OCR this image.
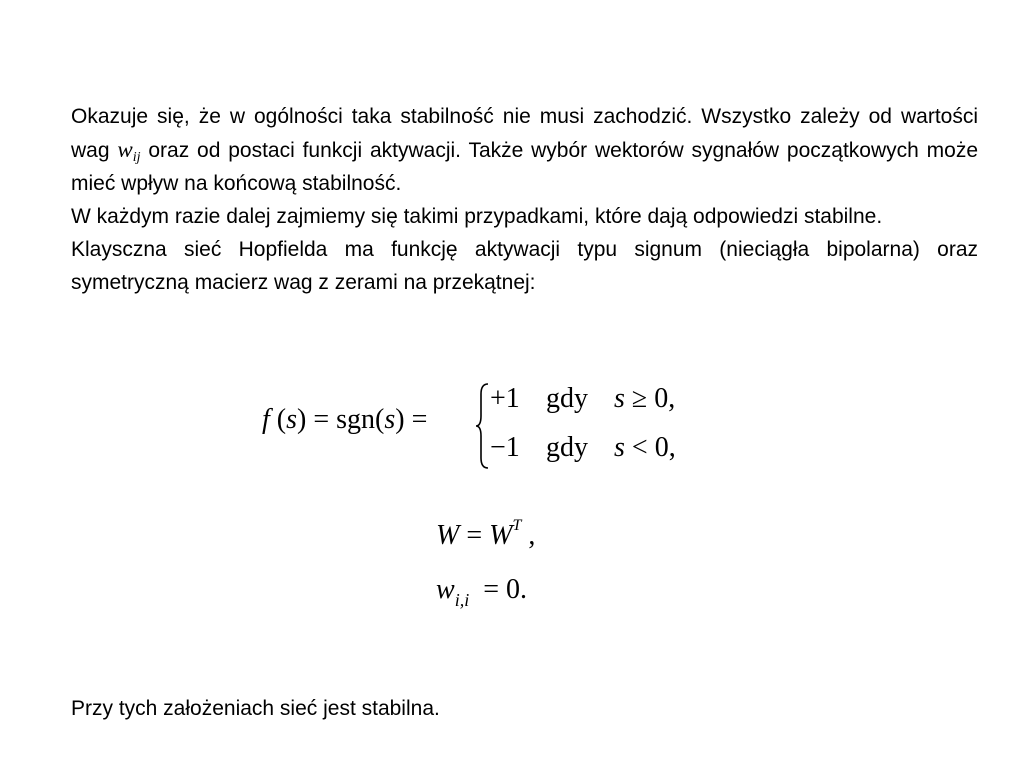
Okazuje się, że w ogólności taka stabilność nie musi zachodzić. Wszystko zależy od wartości wag $w_{ij}$ oraz od postaci funkcji aktywacji. Także wybór wektorów sygnałów początkowych może mieć wpływ na końcową stabilność.

W każdym razie dalej zajmiemy się takimi przypadkami, które dają odpowiedzi stabilne.

Klaysczna sieć Hopfielda ma funkcję aktywacji typu signum (nieciągła bipolarna) oraz symetryczną macierz wag z zerami na przekątnej:

f (s) = sgn(s) =
+1 gdy s ≥ 0,
−1 gdy s < 0,
$W = W^T$ ,
$w_{i,i} = 0$.
Przy tych założeniach sieć jest stabilna.
